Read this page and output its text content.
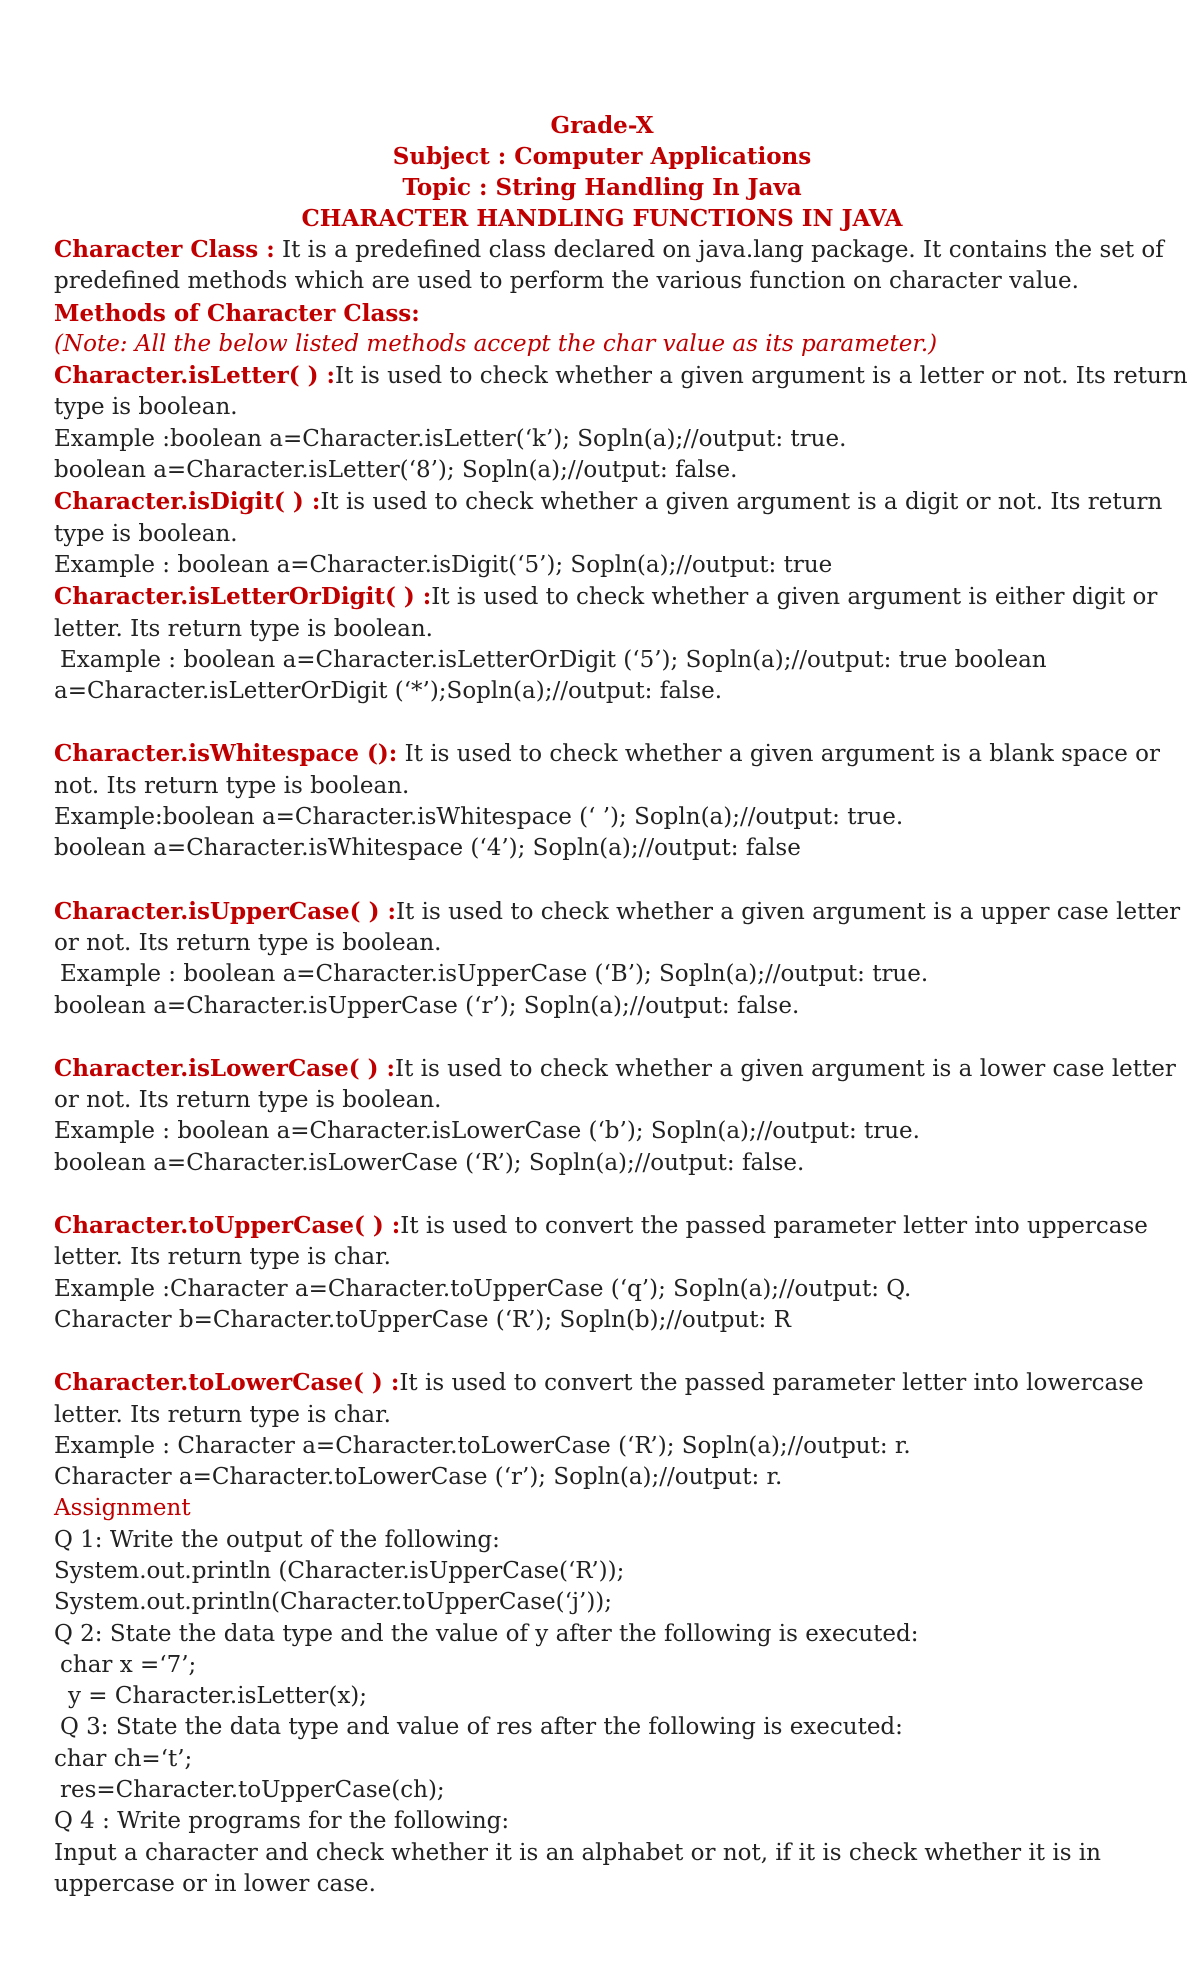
Grade-X
Subject : Computer Applications
Topic : String Handling In Java
CHARACTER HANDLING FUNCTIONS IN JAVA
Character Class : It is a predefined class declared on java.lang package. It contains the set of
predefined methods which are used to perform the various function on character value.
Methods of Character Class:
(Note: All the below listed methods accept the char value as its parameter.)
Character.isLetter( ) :It is used to check whether a given argument is a letter or not. Its return
type is boolean.
Example :boolean a=Character.isLetter(‘k’); Sopln(a);//output: true.
boolean a=Character.isLetter(‘8’); Sopln(a);//output: false.
Character.isDigit( ) :It is used to check whether a given argument is a digit or not. Its return
type is boolean.
Example : boolean a=Character.isDigit(‘5’); Sopln(a);//output: true
Character.isLetterOrDigit( ) :It is used to check whether a given argument is either digit or
letter. Its return type is boolean.
Example : boolean a=Character.isLetterOrDigit (‘5’); Sopln(a);//output: true boolean
a=Character.isLetterOrDigit (‘*’);Sopln(a);//output: false.
Character.isWhitespace (): It is used to check whether a given argument is a blank space or
not. Its return type is boolean.
Example:boolean a=Character.isWhitespace (‘ ’); Sopln(a);//output: true.
boolean a=Character.isWhitespace (‘4’); Sopln(a);//output: false
Character.isUpperCase( ) :It is used to check whether a given argument is a upper case letter
or not. Its return type is boolean.
Example : boolean a=Character.isUpperCase (‘B’); Sopln(a);//output: true.
boolean a=Character.isUpperCase (‘r’); Sopln(a);//output: false.
Character.isLowerCase( ) :It is used to check whether a given argument is a lower case letter
or not. Its return type is boolean.
Example : boolean a=Character.isLowerCase (‘b’); Sopln(a);//output: true.
boolean a=Character.isLowerCase (‘R’); Sopln(a);//output: false.
Character.toUpperCase( ) :It is used to convert the passed parameter letter into uppercase
letter. Its return type is char.
Example :Character a=Character.toUpperCase (‘q’); Sopln(a);//output: Q.
Character b=Character.toUpperCase (‘R’); Sopln(b);//output: R
Character.toLowerCase( ) :It is used to convert the passed parameter letter into lowercase
letter. Its return type is char.
Example : Character a=Character.toLowerCase (‘R’); Sopln(a);//output: r.
Character a=Character.toLowerCase (‘r’); Sopln(a);//output: r.
Assignment
Q 1: Write the output of the following:
System.out.println (Character.isUpperCase(‘R’));
System.out.println(Character.toUpperCase(‘j’));
Q 2: State the data type and the value of y after the following is executed:
char x =‘7’;
y = Character.isLetter(x);
Q 3: State the data type and value of res after the following is executed:
char ch=‘t’;
res=Character.toUpperCase(ch);
Q 4 : Write programs for the following:
Input a character and check whether it is an alphabet or not, if it is check whether it is in
uppercase or in lower case.
